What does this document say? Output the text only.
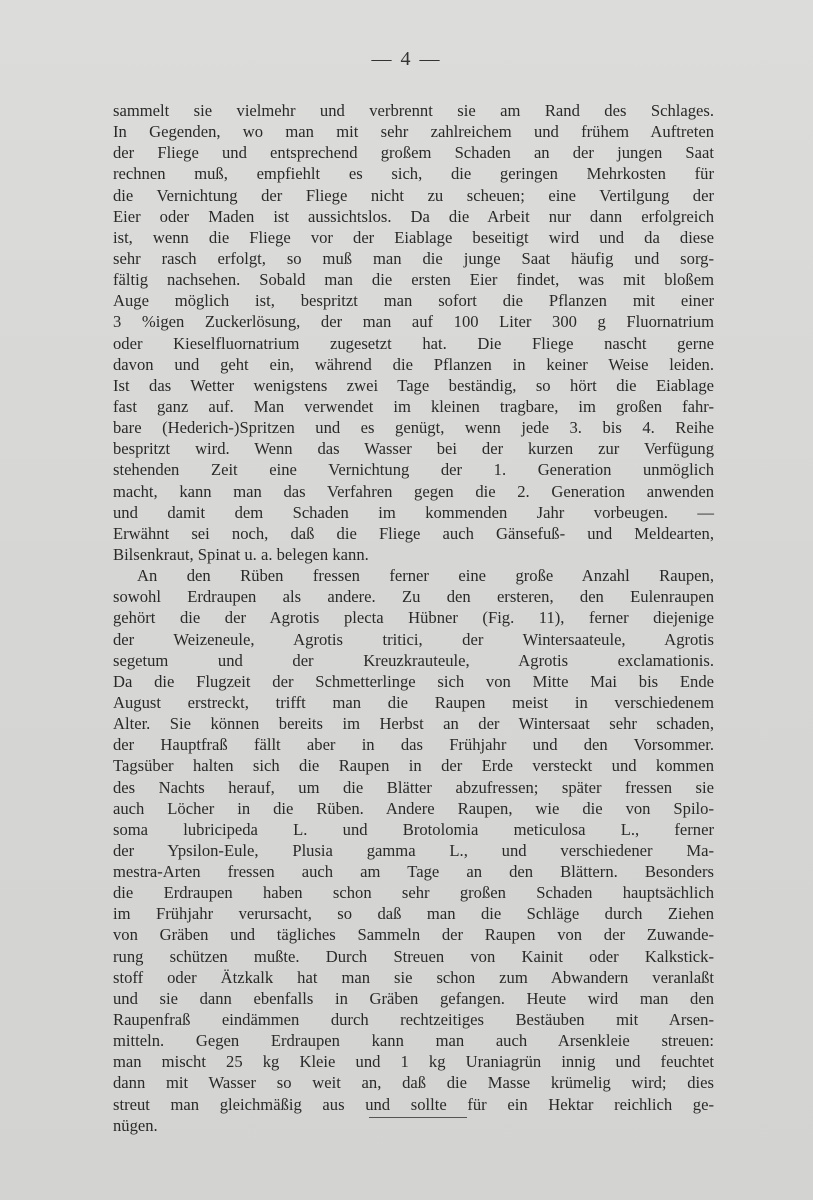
— 4 —
sammelt sie vielmehr und verbrennt sie am Rand des Schlages.
In Gegenden, wo man mit sehr zahlreichem und frühem Auftreten
der Fliege und entsprechend großem Schaden an der jungen Saat
rechnen muß, empfiehlt es sich, die geringen Mehrkosten für
die Vernichtung der Fliege nicht zu scheuen; eine Vertilgung der
Eier oder Maden ist aussichtslos. Da die Arbeit nur dann erfolgreich
ist, wenn die Fliege vor der Eiablage beseitigt wird und da diese
sehr rasch erfolgt, so muß man die junge Saat häufig und sorg-
fältig nachsehen. Sobald man die ersten Eier findet, was mit bloßem
Auge möglich ist, bespritzt man sofort die Pflanzen mit einer
3 %igen Zuckerlösung, der man auf 100 Liter 300 g Fluornatrium
oder Kieselfluornatrium zugesetzt hat. Die Fliege nascht gerne
davon und geht ein, während die Pflanzen in keiner Weise leiden.
Ist das Wetter wenigstens zwei Tage beständig, so hört die Eiablage
fast ganz auf. Man verwendet im kleinen tragbare, im großen fahr-
bare (Hederich-)Spritzen und es genügt, wenn jede 3. bis 4. Reihe
bespritzt wird. Wenn das Wasser bei der kurzen zur Verfügung
stehenden Zeit eine Vernichtung der 1. Generation unmöglich
macht, kann man das Verfahren gegen die 2. Generation anwenden
und damit dem Schaden im kommenden Jahr vorbeugen. —
Erwähnt sei noch, daß die Fliege auch Gänsefuß- und Meldearten,
Bilsenkraut, Spinat u. a. belegen kann.
An den Rüben fressen ferner eine große Anzahl Raupen,
sowohl Erdraupen als andere. Zu den ersteren, den Eulenraupen
gehört die der Agrotis plecta Hübner (Fig. 11), ferner diejenige
der Weizeneule, Agrotis tritici, der Wintersaateule, Agrotis
segetum und der Kreuzkrauteule, Agrotis exclamationis.
Da die Flugzeit der Schmetterlinge sich von Mitte Mai bis Ende
August erstreckt, trifft man die Raupen meist in verschiedenem
Alter. Sie können bereits im Herbst an der Wintersaat sehr schaden,
der Hauptfraß fällt aber in das Frühjahr und den Vorsommer.
Tagsüber halten sich die Raupen in der Erde versteckt und kommen
des Nachts herauf, um die Blätter abzufressen; später fressen sie
auch Löcher in die Rüben. Andere Raupen, wie die von Spilo-
soma lubricipeda L. und Brotolomia meticulosa L., ferner
der Ypsilon-Eule, Plusia gamma L., und verschiedener Ma-
mestra-Arten fressen auch am Tage an den Blättern. Besonders
die Erdraupen haben schon sehr großen Schaden hauptsächlich
im Frühjahr verursacht, so daß man die Schläge durch Ziehen
von Gräben und tägliches Sammeln der Raupen von der Zuwande-
rung schützen mußte. Durch Streuen von Kainit oder Kalkstick-
stoff oder Ätzkalk hat man sie schon zum Abwandern veranlaßt
und sie dann ebenfalls in Gräben gefangen. Heute wird man den
Raupenfraß eindämmen durch rechtzeitiges Bestäuben mit Arsen-
mitteln. Gegen Erdraupen kann man auch Arsenkleie streuen:
man mischt 25 kg Kleie und 1 kg Uraniagrün innig und feuchtet
dann mit Wasser so weit an, daß die Masse krümelig wird; dies
streut man gleichmäßig aus und sollte für ein Hektar reichlich ge-
nügen.
